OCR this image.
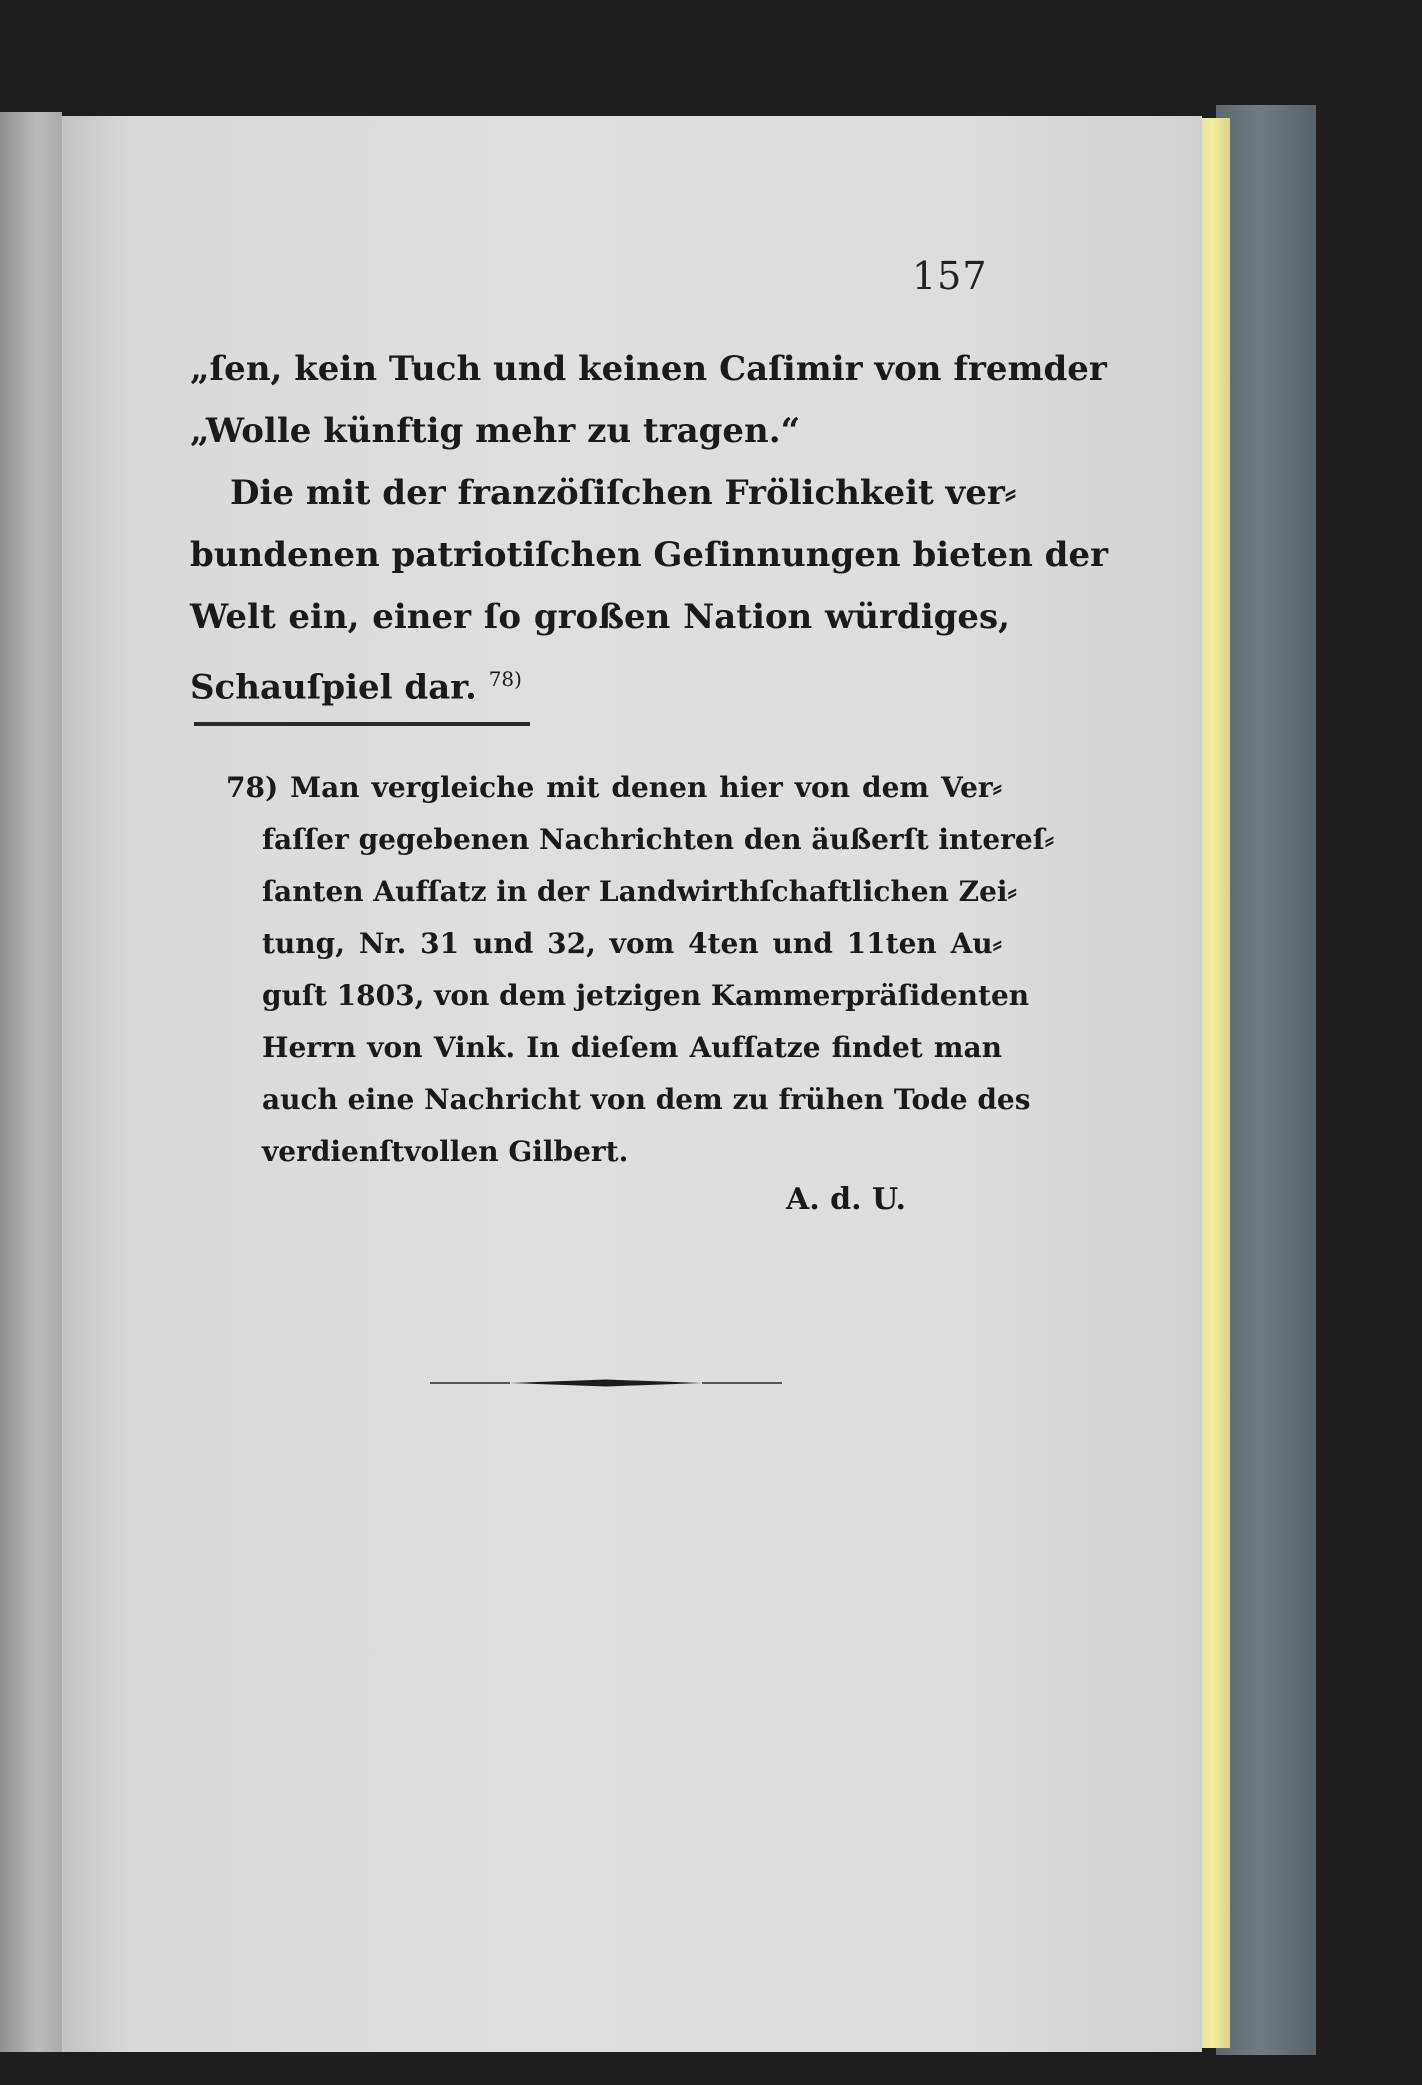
157
„ſen, kein Tuch und keinen Caſimir von fremder
„Wolle künftig mehr zu tragen.“
Die mit der franzöſiſchen Frölichkeit ver⸗
bundenen patriotiſchen Geſinnungen bieten der
Welt ein, einer ſo großen Nation würdiges,
Schauſpiel dar. $^{78)}$
78) Man vergleiche mit denen hier von dem Ver⸗
faſſer gegebenen Nachrichten den äußerſt intereſ⸗
ſanten Aufſatz in der Landwirthſchaftlichen Zei⸗
tung, Nr. 31 und 32, vom 4ten und 11ten Au⸗
guſt 1803, von dem jetzigen Kammerpräſidenten
Herrn von Vink. In dieſem Aufſatze findet man
auch eine Nachricht von dem zu frühen Tode des
verdienſtvollen Gilbert.
A. d. U.
